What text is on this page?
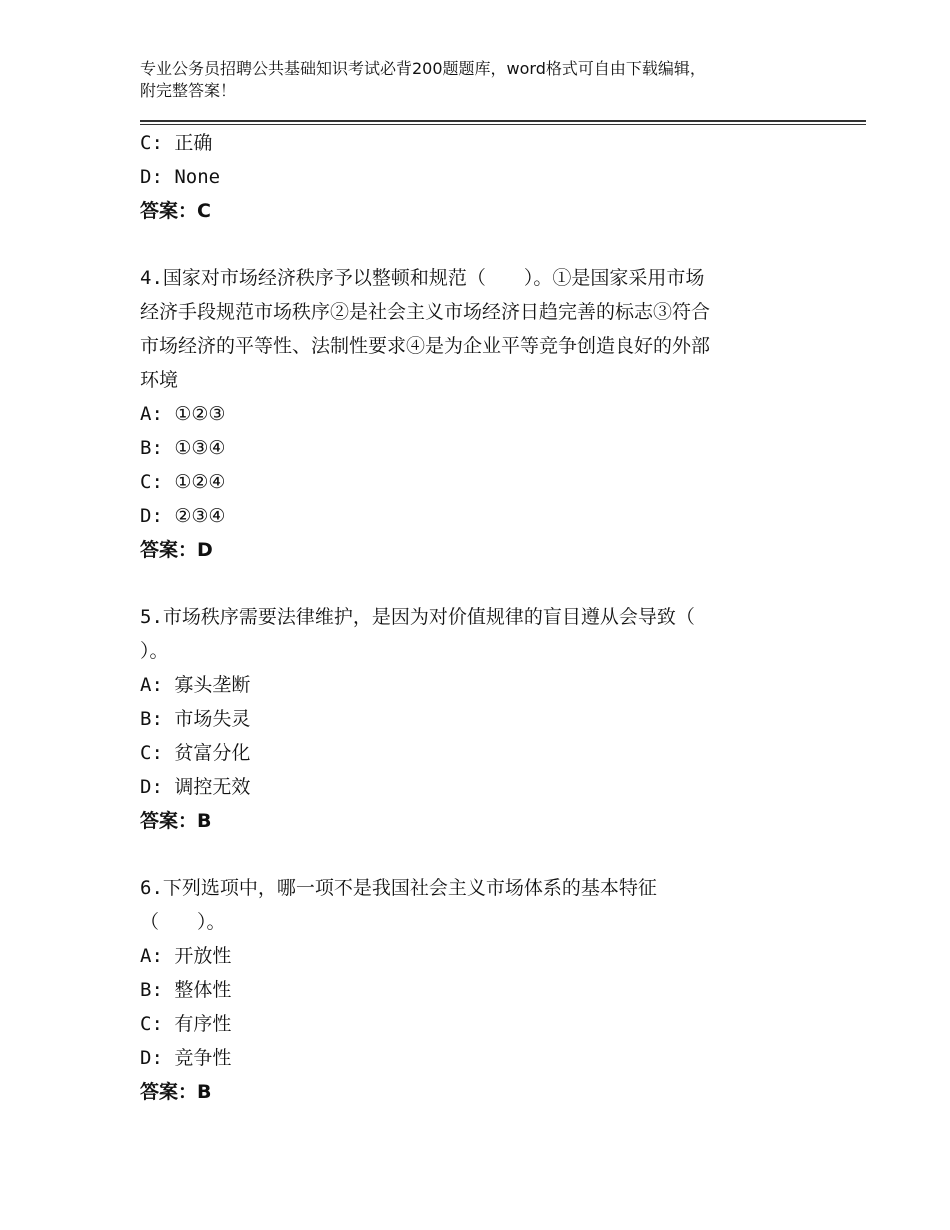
专业公务员招聘公共基础知识考试必背200题题库，word格式可自由下载编辑，
附完整答案！
C: 正确
D: None
答案：C
4.国家对市场经济秩序予以整顿和规范（　　）。①是国家采用市场
经济手段规范市场秩序②是社会主义市场经济日趋完善的标志③符合
市场经济的平等性、法制性要求④是为企业平等竞争创造良好的外部
环境
A: ①②③
B: ①③④
C: ①②④
D: ②③④
答案：D
5.市场秩序需要法律维护，是因为对价值规律的盲目遵从会导致（
）。
A: 寡头垄断
B: 市场失灵
C: 贫富分化
D: 调控无效
答案：B
6.下列选项中，哪一项不是我国社会主义市场体系的基本特征
（　　）。
A: 开放性
B: 整体性
C: 有序性
D: 竞争性
答案：B
